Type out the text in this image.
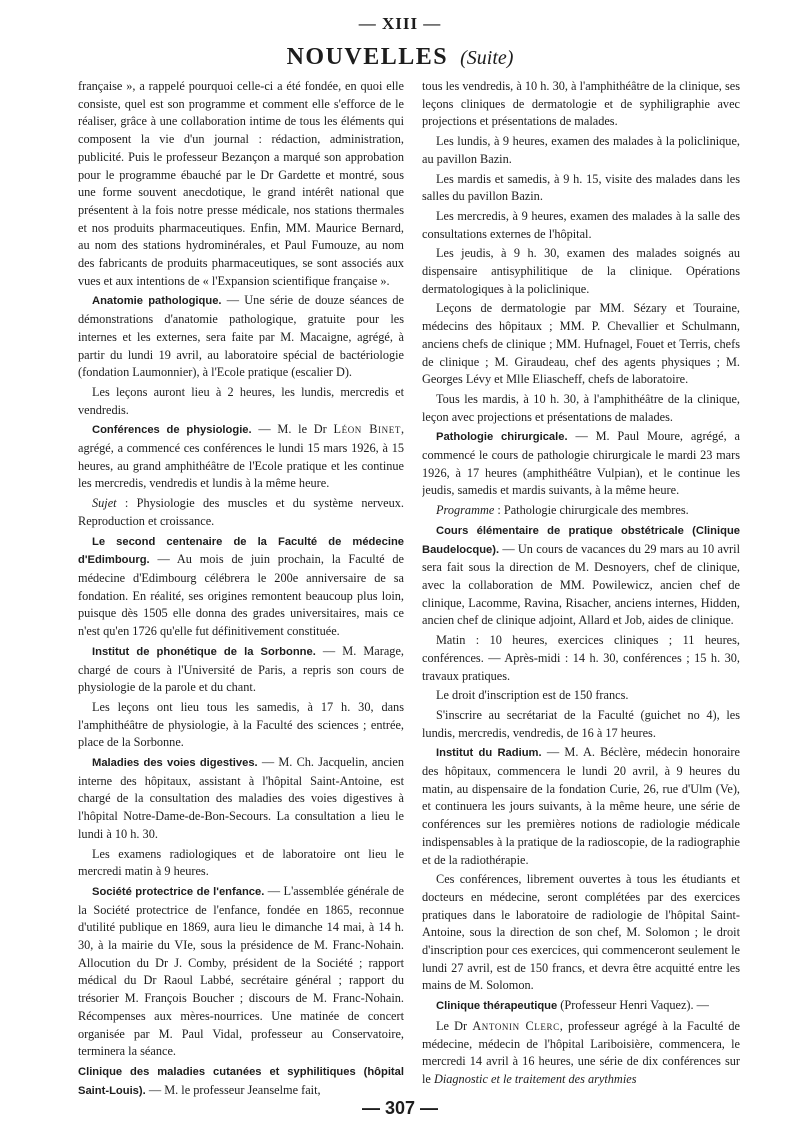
— XIII —
NOUVELLES (Suite)

française », a rappelé pourquoi celle-ci a été fondée, en quoi elle consiste, quel est son programme et comment elle s'efforce de le réaliser, grâce à une collaboration intime de tous les éléments qui composent la vie d'un journal : rédaction, administration, publicité. Puis le professeur Bezançon a marqué son approbation pour le programme ébauché par le Dr Gardette et montré, sous une forme souvent anecdotique, le grand intérêt national que présentent à la fois notre presse médicale, nos stations thermales et nos produits pharmaceutiques. Enfin, MM. Maurice Bernard, au nom des stations hydrominérales, et Paul Fumouze, au nom des fabricants de produits pharmaceutiques, se sont associés aux vues et aux intentions de « l'Expansion scientifique française ».

Anatomie pathologique. — Une série de douze séances de démonstrations d'anatomie pathologique, gratuite pour les internes et les externes, sera faite par M. Macaigne, agrégé, à partir du lundi 19 avril, au laboratoire spécial de bactériologie (fondation Laumonnier), à l'Ecole pratique (escalier D).

Les leçons auront lieu à 2 heures, les lundis, mercredis et vendredis.

Conférences de physiologie. — M. le Dr Léon Binet, agrégé, a commencé ces conférences le lundi 15 mars 1926, à 15 heures, au grand amphithéâtre de l'Ecole pratique et les continue les mercredis, vendredis et lundis à la même heure.

Sujet : Physiologie des muscles et du système nerveux. Reproduction et croissance.

Le second centenaire de la Faculté de médecine d'Edimbourg. — Au mois de juin prochain, la Faculté de médecine d'Edimbourg célébrera le 200e anniversaire de sa fondation. En réalité, ses origines remontent beaucoup plus loin, puisque dès 1505 elle donna des grades universitaires, mais ce n'est qu'en 1726 qu'elle fut définitivement constituée.

Institut de phonétique de la Sorbonne. — M. Marage, chargé de cours à l'Université de Paris, a repris son cours de physiologie de la parole et du chant.

Les leçons ont lieu tous les samedis, à 17 h. 30, dans l'amphithéâtre de physiologie, à la Faculté des sciences ; entrée, place de la Sorbonne.

Maladies des voies digestives. — M. Ch. Jacquelin, ancien interne des hôpitaux, assistant à l'hôpital Saint-Antoine, est chargé de la consultation des maladies des voies digestives à l'hôpital Notre-Dame-de-Bon-Secours. La consultation a lieu le lundi à 10 h. 30.

Les examens radiologiques et de laboratoire ont lieu le mercredi matin à 9 heures.

Société protectrice de l'enfance. — L'assemblée générale de la Société protectrice de l'enfance, fondée en 1865, reconnue d'utilité publique en 1869, aura lieu le dimanche 14 mai, à 14 h. 30, à la mairie du VIe, sous la présidence de M. Franc-Nohain. Allocution du Dr J. Comby, président de la Société ; rapport médical du Dr Raoul Labbé, secrétaire général ; rapport du trésorier M. François Boucher ; discours de M. Franc-Nohain. Récompenses aux mères-nourrices. Une matinée de concert organisée par M. Paul Vidal, professeur au Conservatoire, terminera la séance.

Clinique des maladies cutanées et syphilitiques (hôpital Saint-Louis). — M. le professeur Jeanselme fait,

tous les vendredis, à 10 h. 30, à l'amphithéâtre de la clinique, ses leçons cliniques de dermatologie et de syphiligraphie avec projections et présentations de malades.

Les lundis, à 9 heures, examen des malades à la policlinique, au pavillon Bazin.

Les mardis et samedis, à 9 h. 15, visite des malades dans les salles du pavillon Bazin.

Les mercredis, à 9 heures, examen des malades à la salle des consultations externes de l'hôpital.

Les jeudis, à 9 h. 30, examen des malades soignés au dispensaire antisyphilitique de la clinique. Opérations dermatologiques à la policlinique.

Leçons de dermatologie par MM. Sézary et Touraine, médecins des hôpitaux ; MM. P. Chevallier et Schulmann, anciens chefs de clinique ; MM. Hufnagel, Fouet et Terris, chefs de clinique ; M. Giraudeau, chef des agents physiques ; M. Georges Lévy et Mlle Eliascheff, chefs de laboratoire.

Tous les mardis, à 10 h. 30, à l'amphithéâtre de la clinique, leçon avec projections et présentations de malades.

Pathologie chirurgicale. — M. Paul Moure, agrégé, a commencé le cours de pathologie chirurgicale le mardi 23 mars 1926, à 17 heures (amphithéâtre Vulpian), et le continue les jeudis, samedis et mardis suivants, à la même heure.

Programme : Pathologie chirurgicale des membres.

Cours élémentaire de pratique obstétricale (Clinique Baudelocque). — Un cours de vacances du 29 mars au 10 avril sera fait sous la direction de M. Desnoyers, chef de clinique, avec la collaboration de MM. Powilewicz, ancien chef de clinique, Lacomme, Ravina, Risacher, anciens internes, Hidden, ancien chef de clinique adjoint, Allard et Job, aides de clinique.

Matin : 10 heures, exercices cliniques ; 11 heures, conférences. — Après-midi : 14 h. 30, conférences ; 15 h. 30, travaux pratiques.

Le droit d'inscription est de 150 francs.

S'inscrire au secrétariat de la Faculté (guichet no 4), les lundis, mercredis, vendredis, de 16 à 17 heures.

Institut du Radium. — M. A. Béclère, médecin honoraire des hôpitaux, commencera le lundi 20 avril, à 9 heures du matin, au dispensaire de la fondation Curie, 26, rue d'Ulm (Ve), et continuera les jours suivants, à la même heure, une série de conférences sur les premières notions de radiologie médicale indispensables à la pratique de la radioscopie, de la radiographie et de la radiothérapie.

Ces conférences, librement ouvertes à tous les étudiants et docteurs en médecine, seront complétées par des exercices pratiques dans le laboratoire de radiologie de l'hôpital Saint-Antoine, sous la direction de son chef, M. Solomon ; le droit d'inscription pour ces exercices, qui commenceront seulement le lundi 27 avril, est de 150 francs, et devra être acquitté entre les mains de M. Solomon.

Clinique thérapeutique (Professeur Henri Vaquez). —

Le Dr Antonin Clerc, professeur agrégé à la Faculté de médecine, médecin de l'hôpital Lariboisière, commencera, le mercredi 14 avril à 16 heures, une série de dix conférences sur le Diagnostic et le traitement des arythmies

— 307 —
